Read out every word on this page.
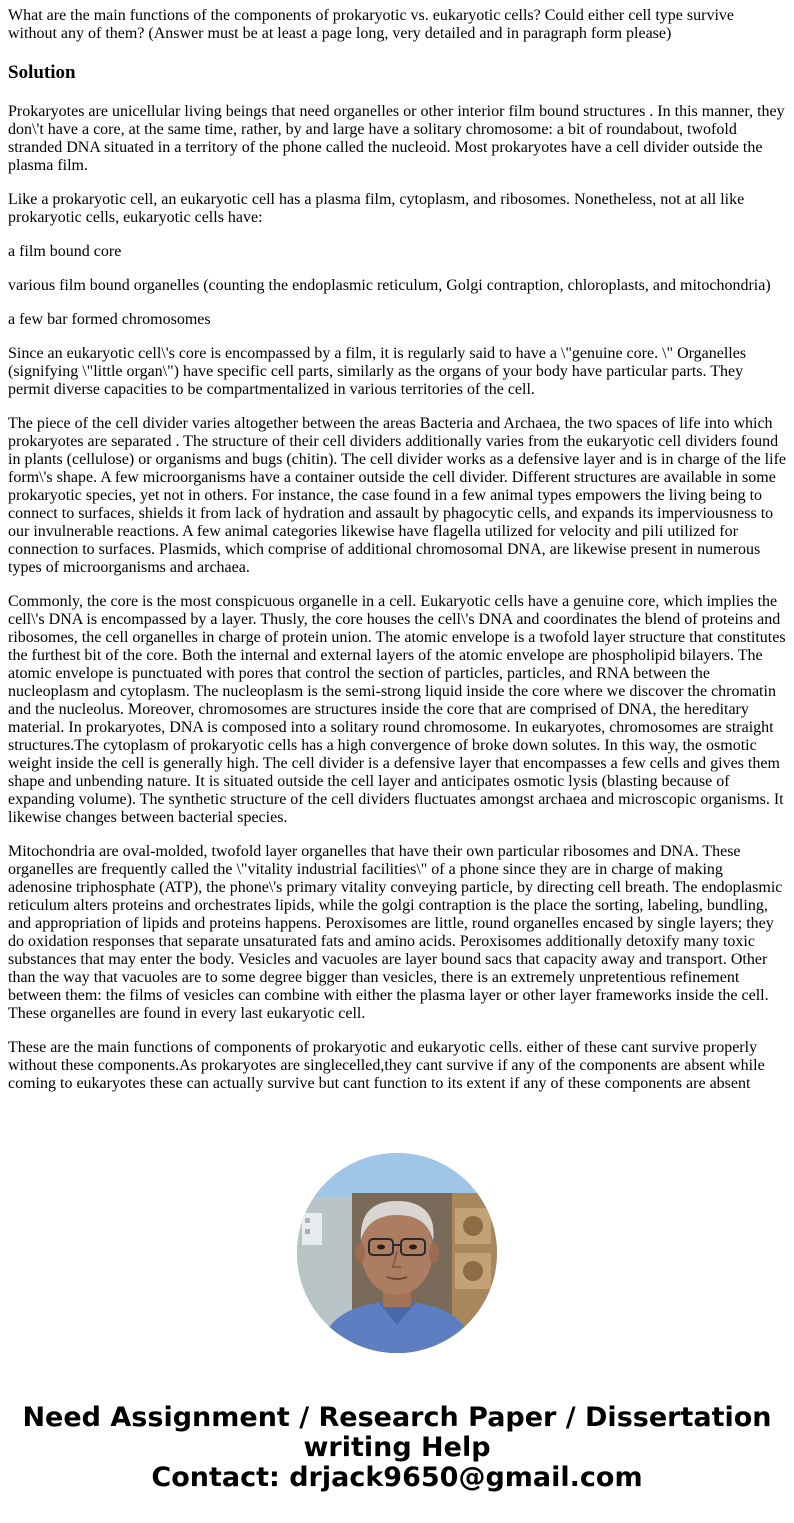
What are the main functions of the components of prokaryotic vs. eukaryotic cells? Could either cell type survive without any of them? (Answer must be at least a page long, very detailed and in paragraph form please)
Solution

Prokaryotes are unicellular living beings that need organelles or other interior film bound structures . In this manner, they don\'t have a core, at the same time, rather, by and large have a solitary chromosome: a bit of roundabout, twofold stranded DNA situated in a territory of the phone called the nucleoid. Most prokaryotes have a cell divider outside the plasma film.

Like a prokaryotic cell, an eukaryotic cell has a plasma film, cytoplasm, and ribosomes. Nonetheless, not at all like prokaryotic cells, eukaryotic cells have:

a film bound core

various film bound organelles (counting the endoplasmic reticulum, Golgi contraption, chloroplasts, and mitochondria)

a few bar formed chromosomes

Since an eukaryotic cell\'s core is encompassed by a film, it is regularly said to have a \"genuine core. \" Organelles (signifying \"little organ\") have specific cell parts, similarly as the organs of your body have particular parts. They permit diverse capacities to be compartmentalized in various territories of the cell.

The piece of the cell divider varies altogether between the areas Bacteria and Archaea, the two spaces of life into which prokaryotes are separated . The structure of their cell dividers additionally varies from the eukaryotic cell dividers found in plants (cellulose) or organisms and bugs (chitin). The cell divider works as a defensive layer and is in charge of the life form\'s shape. A few microorganisms have a container outside the cell divider. Different structures are available in some prokaryotic species, yet not in others. For instance, the case found in a few animal types empowers the living being to connect to surfaces, shields it from lack of hydration and assault by phagocytic cells, and expands its imperviousness to our invulnerable reactions. A few animal categories likewise have flagella utilized for velocity and pili utilized for connection to surfaces. Plasmids, which comprise of additional chromosomal DNA, are likewise present in numerous types of microorganisms and archaea.

Commonly, the core is the most conspicuous organelle in a cell. Eukaryotic cells have a genuine core, which implies the cell\'s DNA is encompassed by a layer. Thusly, the core houses the cell\'s DNA and coordinates the blend of proteins and ribosomes, the cell organelles in charge of protein union. The atomic envelope is a twofold layer structure that constitutes the furthest bit of the core. Both the internal and external layers of the atomic envelope are phospholipid bilayers. The atomic envelope is punctuated with pores that control the section of particles, particles, and RNA between the nucleoplasm and cytoplasm. The nucleoplasm is the semi-strong liquid inside the core where we discover the chromatin and the nucleolus. Moreover, chromosomes are structures inside the core that are comprised of DNA, the hereditary material. In prokaryotes, DNA is composed into a solitary round chromosome. In eukaryotes, chromosomes are straight structures.The cytoplasm of prokaryotic cells has a high convergence of broke down solutes. In this way, the osmotic weight inside the cell is generally high. The cell divider is a defensive layer that encompasses a few cells and gives them shape and unbending nature. It is situated outside the cell layer and anticipates osmotic lysis (blasting because of expanding volume). The synthetic structure of the cell dividers fluctuates amongst archaea and microscopic organisms. It likewise changes between bacterial species.

Mitochondria are oval-molded, twofold layer organelles that have their own particular ribosomes and DNA. These organelles are frequently called the \"vitality industrial facilities\" of a phone since they are in charge of making adenosine triphosphate (ATP), the phone\'s primary vitality conveying particle, by directing cell breath. The endoplasmic reticulum alters proteins and orchestrates lipids, while the golgi contraption is the place the sorting, labeling, bundling, and appropriation of lipids and proteins happens. Peroxisomes are little, round organelles encased by single layers; they do oxidation responses that separate unsaturated fats and amino acids. Peroxisomes additionally detoxify many toxic substances that may enter the body. Vesicles and vacuoles are layer bound sacs that capacity away and transport. Other than the way that vacuoles are to some degree bigger than vesicles, there is an extremely unpretentious refinement between them: the films of vesicles can combine with either the plasma layer or other layer frameworks inside the cell. These organelles are found in every last eukaryotic cell.

These are the main functions of components of prokaryotic and eukaryotic cells. either of these cant survive properly without these components.As prokaryotes are singlecelled,they cant survive if any of the components are absent while coming to eukaryotes these can actually survive but cant function to its extent if any of these components are absent

Need Assignment / Research Paper / Dissertation
writing Help
Contact: drjack9650@gmail.com
